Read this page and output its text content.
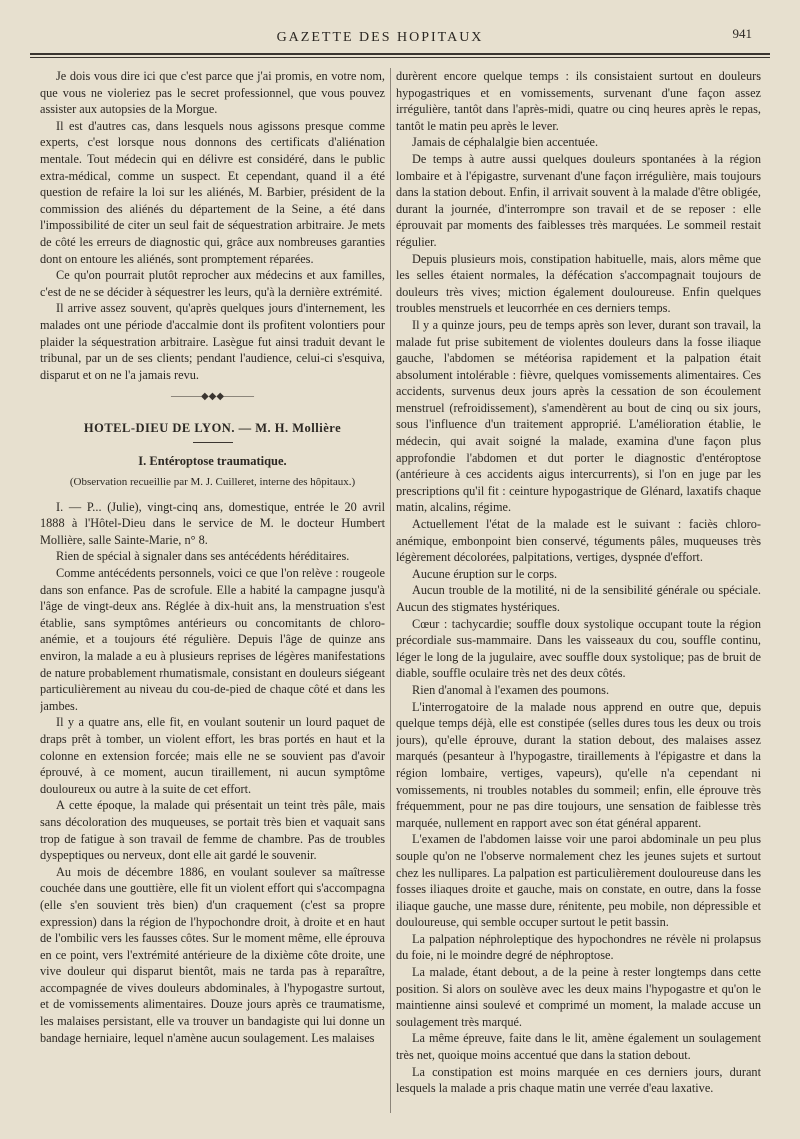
GAZETTE DES HOPITAUX	941

Je dois vous dire ici que c'est parce que j'ai promis, en votre nom, que vous ne violeriez pas le secret professionnel, que vous pouvez assister aux autopsies de la Morgue.

Il est d'autres cas, dans lesquels nous agissons presque comme experts, c'est lorsque nous donnons des certificats d'aliénation mentale. Tout médecin qui en délivre est considéré, dans le public extra-médical, comme un suspect. Et cependant, quand il a été question de refaire la loi sur les aliénés, M. Barbier, président de la commission des aliénés du département de la Seine, a été dans l'impossibilité de citer un seul fait de séquestration arbitraire. Je mets de côté les erreurs de diagnostic qui, grâce aux nombreuses garanties dont on entoure les aliénés, sont promptement réparées.

Ce qu'on pourrait plutôt reprocher aux médecins et aux familles, c'est de ne se décider à séquestrer les leurs, qu'à la dernière extrémité.

Il arrive assez souvent, qu'après quelques jours d'internement, les malades ont une période d'accalmie dont ils profitent volontiers pour plaider la séquestration arbitraire. Lasègue fut ainsi traduit devant le tribunal, par un de ses clients; pendant l'audience, celui-ci s'esquiva, disparut et on ne l'a jamais revu.

———◆◆◆———
HOTEL-DIEU DE LYON. — M. H. Mollière
I. Entéroptose traumatique.
(Observation recueillie par M. J. Cuilleret, interne des hôpitaux.)

I. — P... (Julie), vingt-cinq ans, domestique, entrée le 20 avril 1888 à l'Hôtel-Dieu dans le service de M. le docteur Humbert Mollière, salle Sainte-Marie, n° 8.

Rien de spécial à signaler dans ses antécédents héréditaires.

Comme antécédents personnels, voici ce que l'on relève : rougeole dans son enfance. Pas de scrofule. Elle a habité la campagne jusqu'à l'âge de vingt-deux ans. Réglée à dix-huit ans, la menstruation s'est établie, sans symptômes antérieurs ou concomitants de chloro-anémie, et a toujours été régulière. Depuis l'âge de quinze ans environ, la malade a eu à plusieurs reprises de légères manifestations de nature probablement rhumatismale, consistant en douleurs siégeant particulièrement au niveau du cou-de-pied de chaque côté et dans les jambes.

Il y a quatre ans, elle fit, en voulant soutenir un lourd paquet de draps prêt à tomber, un violent effort, les bras portés en haut et la colonne en extension forcée; mais elle ne se souvient pas d'avoir éprouvé, à ce moment, aucun tiraillement, ni aucun symptôme douloureux ou autre à la suite de cet effort.

A cette époque, la malade qui présentait un teint très pâle, mais sans décoloration des muqueuses, se portait très bien et vaquait sans trop de fatigue à son travail de femme de chambre. Pas de troubles dyspeptiques ou nerveux, dont elle ait gardé le souvenir.

Au mois de décembre 1886, en voulant soulever sa maîtresse couchée dans une gouttière, elle fit un violent effort qui s'accompagna (elle s'en souvient très bien) d'un craquement (c'est sa propre expression) dans la région de l'hypochondre droit, à droite et en haut de l'ombilic vers les fausses côtes. Sur le moment même, elle éprouva en ce point, vers l'extrémité antérieure de la dixième côte droite, une vive douleur qui disparut bientôt, mais ne tarda pas à reparaître, accompagnée de vives douleurs abdominales, à l'hypogastre surtout, et de vomissements alimentaires. Douze jours après ce traumatisme, les malaises persistant, elle va trouver un bandagiste qui lui donne un bandage herniaire, lequel n'amène aucun soulagement. Les malaises

durèrent encore quelque temps : ils consistaient surtout en douleurs hypogastriques et en vomissements, survenant d'une façon assez irrégulière, tantôt dans l'après-midi, quatre ou cinq heures après le repas, tantôt le matin peu après le lever.

Jamais de céphalalgie bien accentuée.

De temps à autre aussi quelques douleurs spontanées à la région lombaire et à l'épigastre, survenant d'une façon irrégulière, mais toujours dans la station debout. Enfin, il arrivait souvent à la malade d'être obligée, durant la journée, d'interrompre son travail et de se reposer : elle éprouvait par moments des faiblesses très marquées. Le sommeil restait régulier.

Depuis plusieurs mois, constipation habituelle, mais, alors même que les selles étaient normales, la défécation s'accompagnait toujours de douleurs très vives; miction également douloureuse. Enfin quelques troubles menstruels et leucorrhée en ces derniers temps.

Il y a quinze jours, peu de temps après son lever, durant son travail, la malade fut prise subitement de violentes douleurs dans la fosse iliaque gauche, l'abdomen se météorisa rapidement et la palpation était absolument intolérable : fièvre, quelques vomissements alimentaires. Ces accidents, survenus deux jours après la cessation de son écoulement menstruel (refroidissement), s'amendèrent au bout de cinq ou six jours, sous l'influence d'un traitement approprié. L'amélioration établie, le médecin, qui avait soigné la malade, examina d'une façon plus approfondie l'abdomen et dut porter le diagnostic d'entéroptose (antérieure à ces accidents aigus intercurrents), si l'on en juge par les prescriptions qu'il fit : ceinture hypogastrique de Glénard, laxatifs chaque matin, alcalins, régime.

Actuellement l'état de la malade est le suivant : faciès chloro-anémique, embonpoint bien conservé, téguments pâles, muqueuses très légèrement décolorées, palpitations, vertiges, dyspnée d'effort.

Aucune éruption sur le corps.

Aucun trouble de la motilité, ni de la sensibilité générale ou spéciale. Aucun des stigmates hystériques.

Cœur : tachycardie; souffle doux systolique occupant toute la région précordiale sus-mammaire. Dans les vaisseaux du cou, souffle continu, léger le long de la jugulaire, avec souffle doux systolique; pas de bruit de diable, souffle oculaire très net des deux côtés.

Rien d'anomal à l'examen des poumons.

L'interrogatoire de la malade nous apprend en outre que, depuis quelque temps déjà, elle est constipée (selles dures tous les deux ou trois jours), qu'elle éprouve, durant la station debout, des malaises assez marqués (pesanteur à l'hypogastre, tiraillements à l'épigastre et dans la région lombaire, vertiges, vapeurs), qu'elle n'a cependant ni vomissements, ni troubles notables du sommeil; enfin, elle éprouve très fréquemment, pour ne pas dire toujours, une sensation de faiblesse très marquée, nullement en rapport avec son état général apparent.

L'examen de l'abdomen laisse voir une paroi abdominale un peu plus souple qu'on ne l'observe normalement chez les jeunes sujets et surtout chez les nullipares. La palpation est particulièrement douloureuse dans les fosses iliaques droite et gauche, mais on constate, en outre, dans la fosse iliaque gauche, une masse dure, rénitente, peu mobile, non dépressible et douloureuse, qui semble occuper surtout le petit bassin.

La palpation néphroleptique des hypochondres ne révèle ni prolapsus du foie, ni le moindre degré de néphroptose.

La malade, étant debout, a de la peine à rester longtemps dans cette position. Si alors on soulève avec les deux mains l'hypogastre et qu'on le maintienne ainsi soulevé et comprimé un moment, la malade accuse un soulagement très marqué.

La même épreuve, faite dans le lit, amène également un soulagement très net, quoique moins accentué que dans la station debout.

La constipation est moins marquée en ces derniers jours, durant lesquels la malade a pris chaque matin une verrée d'eau laxative.
